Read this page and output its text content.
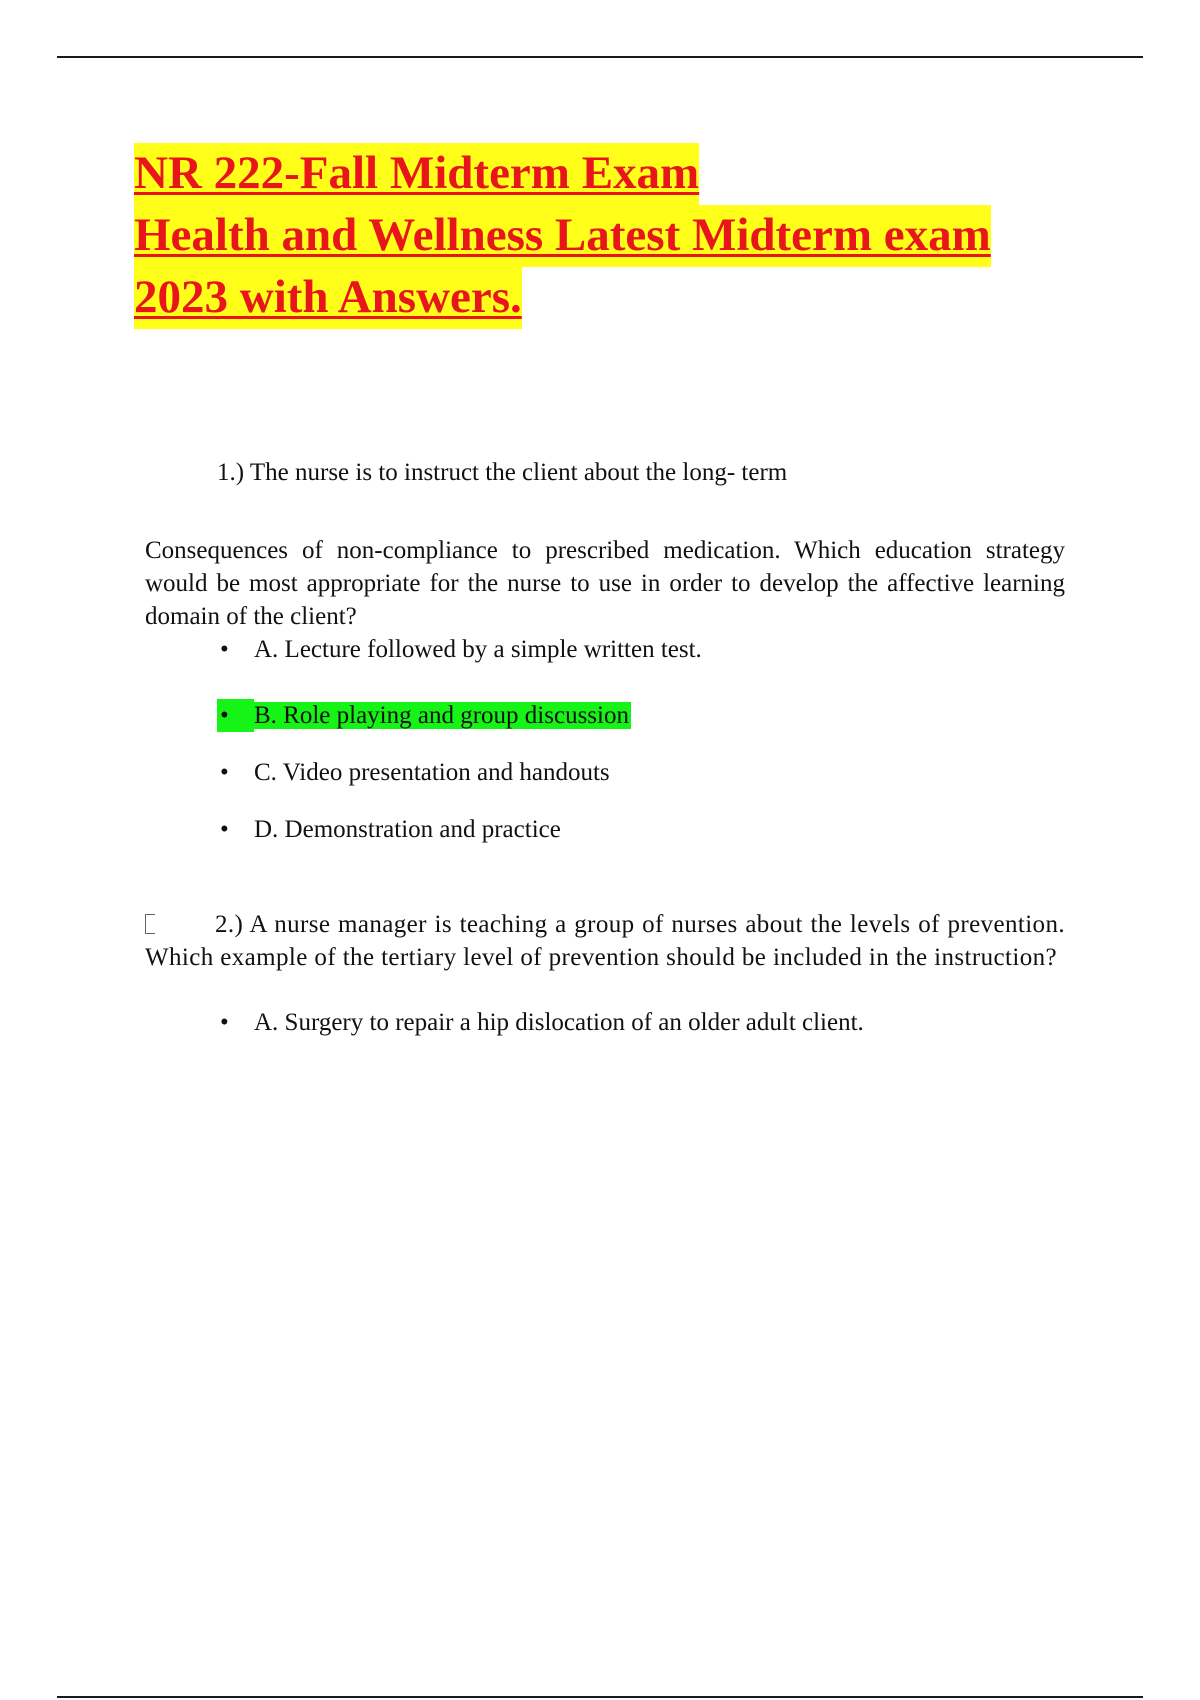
NR 222-Fall Midterm Exam
Health and Wellness Latest Midterm exam
2023 with Answers.
1.) The nurse is to instruct the client about the long- term
Consequences of non-compliance to prescribed medication. Which education strategy would be most appropriate for the nurse to use in order to develop the affective learning domain of the client?
• A. Lecture followed by a simple written test.
• B. Role playing and group discussion
• C. Video presentation and handouts
• D. Demonstration and practice
2.) A nurse manager is teaching a group of nurses about the levels of prevention. Which example of the tertiary level of prevention should be included in the instruction?
• A. Surgery to repair a hip dislocation of an older adult client.
